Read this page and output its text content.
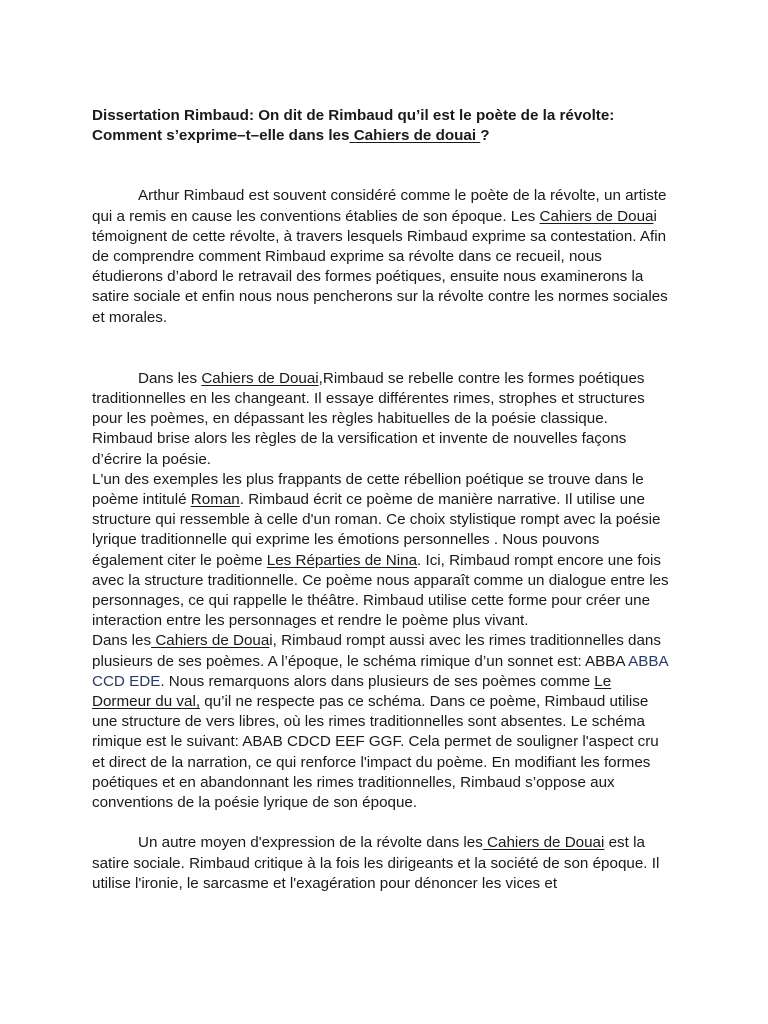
Dissertation Rimbaud: On dit de Rimbaud qu’il est le poète de la révolte:
Comment s’exprime–t–elle dans les Cahiers de douai ?

Arthur Rimbaud est souvent considéré comme le poète de la révolte, un artiste qui a remis en cause les conventions établies de son époque. Les Cahiers de Douai témoignent de cette révolte, à travers lesquels Rimbaud exprime sa contestation. Afin de comprendre comment Rimbaud exprime sa révolte dans ce recueil, nous étudierons d’abord le retravail des formes poétiques, ensuite nous examinerons la satire sociale et enfin nous nous pencherons sur la révolte contre les normes sociales et morales.

Dans les Cahiers de Douai,Rimbaud se rebelle contre les formes poétiques traditionnelles en les changeant. Il essaye différentes rimes, strophes et structures pour les poèmes, en dépassant les règles habituelles de la poésie classique. Rimbaud brise alors les règles de la versification et invente de nouvelles façons d’écrire la poésie.

L'un des exemples les plus frappants de cette rébellion poétique se trouve dans le poème intitulé Roman. Rimbaud écrit ce poème de manière narrative. Il utilise une structure qui ressemble à celle d'un roman. Ce choix stylistique rompt avec la poésie lyrique traditionnelle qui exprime les émotions personnelles . Nous pouvons également citer le poème Les Réparties de Nina. Ici, Rimbaud rompt encore une fois avec la structure traditionnelle. Ce poème nous apparaît comme un dialogue entre les personnages, ce qui rappelle le théâtre. Rimbaud utilise cette forme pour créer une interaction entre les personnages et rendre le poème plus vivant.

Dans les Cahiers de Douai, Rimbaud rompt aussi avec les rimes traditionnelles dans plusieurs de ses poèmes. A l’époque, le schéma rimique d’un sonnet est: ABBA ABBA CCD EDE. Nous remarquons alors dans plusieurs de ses poèmes comme Le Dormeur du val, qu’il ne respecte pas ce schéma. Dans ce poème, Rimbaud utilise une structure de vers libres, où les rimes traditionnelles sont absentes. Le schéma rimique est le suivant: ABAB CDCD EEF GGF. Cela permet de souligner l'aspect cru et direct de la narration, ce qui renforce l'impact du poème. En modifiant les formes poétiques et en abandonnant les rimes traditionnelles, Rimbaud s’oppose aux conventions de la poésie lyrique de son époque.

Un autre moyen d'expression de la révolte dans les Cahiers de Douai est la satire sociale. Rimbaud critique à la fois les dirigeants et la société de son époque. Il utilise l'ironie, le sarcasme et l'exagération pour dénoncer les vices et
